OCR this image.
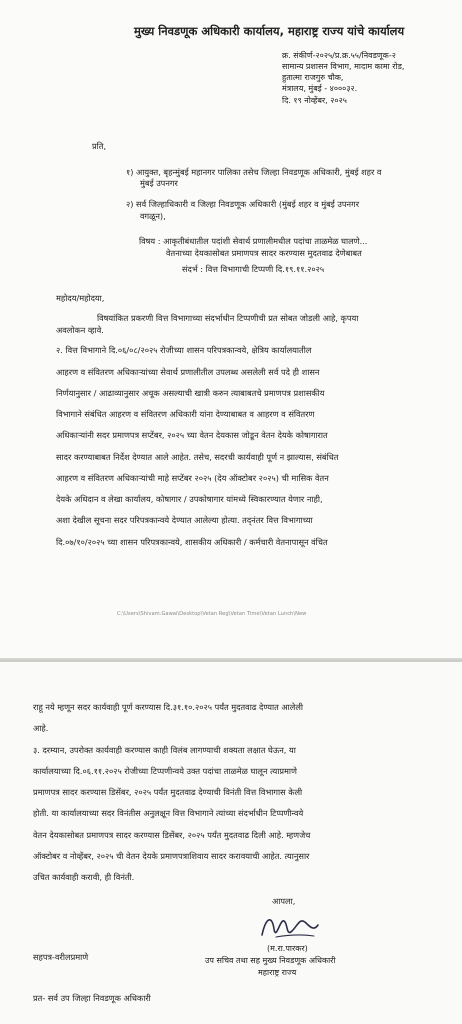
मुख्य निवडणूक अधिकारी कार्यालय, महाराष्ट्र राज्य यांचे कार्यालय
क्र. संकीर्ण-२०२५/प्र.क्र.५५/निवडणूक-२
सामान्य प्रशासन विभाग, मादाम कामा रोड,
हुतात्मा राजगुरु चौक,
मंत्रालय, मुंबई - ४०००३२.
दि. १९ नोव्हेंबर, २०२५
प्रति,
१) आयुक्त, बृहन्मुंबई महानगर पालिका तसेच जिल्हा निवडणूक अधिकारी, मुंबई शहर व
मुंबई उपनगर
२) सर्व जिल्हाधिकारी व जिल्हा निवडणूक अधिकारी (मुंबई शहर व मुंबई उपनगर
वगळून),
विषय : आकृतीबंधातील पदांशी सेवार्थ प्रणालीमधील पदांचा ताळमेळ घालणे...
वेतनाच्या देयकासोबत प्रमाणपत्र सादर करण्यास मुदतवाढ देणेबाबत
संदर्भ : वित्त विभागाची टिप्पणी दि.१९.११.२०२५
महोदय/महोदया,
विषयांकित प्रकरणी वित्त विभागाच्या संदर्भाधीन टिप्पणीची प्रत सोबत जोडली आहे, कृपया
अवलोकन व्हावे.
२. वित्त विभागाने दि.०६/०८/२०२५ रोजीच्या शासन परिपत्रकान्वये, क्षेत्रिय कार्यालयातील
आहरण व संवितरण अधिकाऱ्यांच्या सेवार्थ प्रणालीतील उपलब्ध असलेली सर्व पदे ही शासन
निर्णयानुसार / आढाव्यानुसार अचूक असल्याची खात्री करुन त्याबाबतचे प्रमाणपत्र प्रशासकीय
विभागाने संबंधित आहरण व संवितरण अधिकारी यांना देण्याबाबत व आहरण व संवितरण
अधिकाऱ्यांनी सदर प्रमाणपत्र सप्टेंबर, २०२५ च्या वेतन देयकास जोडून वेतन देयके कोषागारात
सादर करण्याबाबत निर्देश देण्यात आले आहेत. तसेच, सदरची कार्यवाही पूर्ण न झाल्यास, संबंधित
आहरण व संवितरण अधिकाऱ्यांची माहे सप्टेंबर २०२५ (देय ऑक्टोबर २०२५) ची मासिक वेतन
देयके अधिदान व लेखा कार्यालय, कोषागार / उपकोषागार यांमध्ये स्विकारण्यात येणार नाही,
अशा देखील सूचना सदर परिपत्रकान्वये देण्यात आलेल्या होत्या. तद्नंतर वित्त विभागाच्या
दि.०७/१०/२०२५ च्या शासन परिपत्रकान्वये, शासकीय अधिकारी / कर्मचारी वेतनापासून वंचित
C:\Users\Shivam.Gawai\Desktop\Vetan Reg\Vetan Time\Vetan Lunch\New
राहू नये म्हणून सदर कार्यवाही पूर्ण करण्यास दि.३१.१०.२०२५ पर्यंत मुदतवाढ देण्यात आलेली
आहे.
३. दरम्यान, उपरोक्त कार्यवाही करण्यास काही विलंब लागण्याची शक्यता लक्षात घेऊन, या
कार्यालयाच्या दि.०६.११.२०२५ रोजीच्या टिप्पणीन्वये उक्त पदांचा ताळमेळ घालून त्याप्रमाणे
प्रमाणपत्र सादर करण्यास डिसेंबर, २०२५ पर्यंत मुदतवाढ देण्याची विनंती वित्त विभागास केली
होती. या कार्यालयाच्या सदर विनंतीस अनुलक्षून वित्त विभागाने त्यांच्या संदर्भाधीन टिप्पणीन्वये
वेतन देयकासोबत प्रमाणपत्र सादर करण्यास डिसेंबर, २०२५ पर्यंत मुदतवाढ दिली आहे. म्हणजेच
ऑक्टोबर व नोव्हेंबर, २०२५ ची वेतन देयके प्रमाणपत्राशिवाय सादर करावयाची आहेत. त्यानुसार
उचित कार्यवाही करावी, ही विनंती.
आपला,
(म.रा.पारकर)
उप सचिव तथा सह मुख्य निवडणूक अधिकारी
महाराष्ट्र राज्य
सहपत्र-वरीलप्रमाणे
प्रत- सर्व उप जिल्हा निवडणूक अधिकारी
